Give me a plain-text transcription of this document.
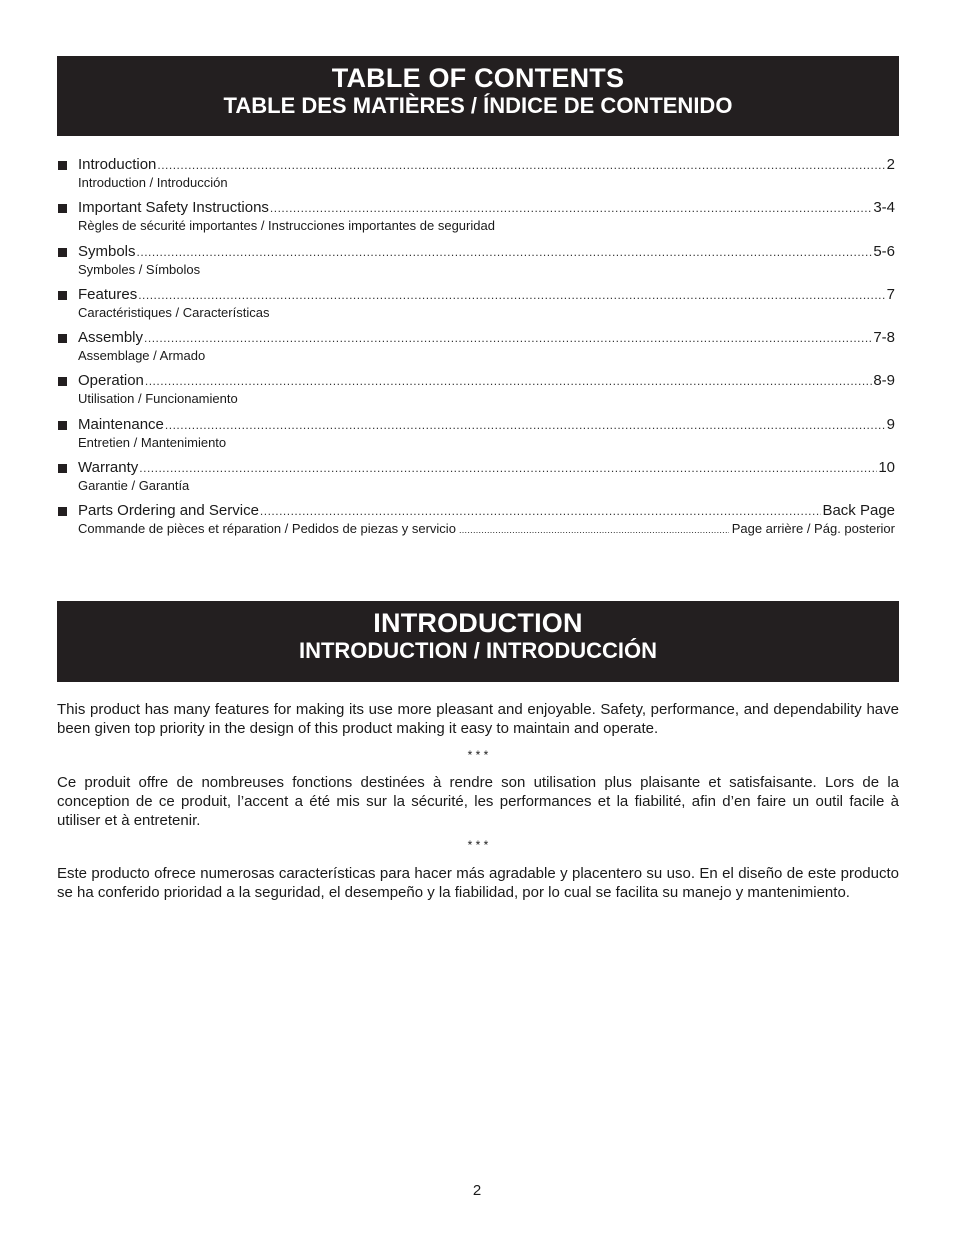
TABLE OF CONTENTS
TABLE DES MATIÈRES / ÍNDICE DE CONTENIDO
Introduction .....	2
Introduction / Introducción
Important Safety Instructions .....	3-4
Règles de sécurité importantes / Instrucciones importantes de seguridad
Symbols .....	5-6
Symboles / Símbolos
Features .....	7
Caractéristiques / Características
Assembly .....	7-8
Assemblage / Armado
Operation .....	8-9
Utilisation / Funcionamiento
Maintenance .....	9
Entretien / Mantenimiento
Warranty .....	10
Garantie / Garantía
Parts Ordering and Service .....	Back Page
Commande de pièces et réparation / Pedidos de piezas y servicio .....	Page arrière / Pág. posterior
INTRODUCTION
INTRODUCTION / INTRODUCCIÓN
This product has many features for making its use more pleasant and enjoyable. Safety, performance, and dependability have been given top priority in the design of this product making it easy to maintain and operate.
* * *
Ce produit offre de nombreuses fonctions destinées à rendre son utilisation plus plaisante et satisfaisante. Lors de la conception de ce produit, l’accent a été mis sur la sécurité, les performances et la fiabilité, afin d’en faire un outil facile à utiliser et à entretenir.
* * *
Este producto ofrece numerosas características para hacer más agradable y placentero su uso. En el diseño de este producto se ha conferido prioridad a la seguridad, el desempeño y la fiabilidad, por lo cual se facilita su manejo y mantenimiento.
2
